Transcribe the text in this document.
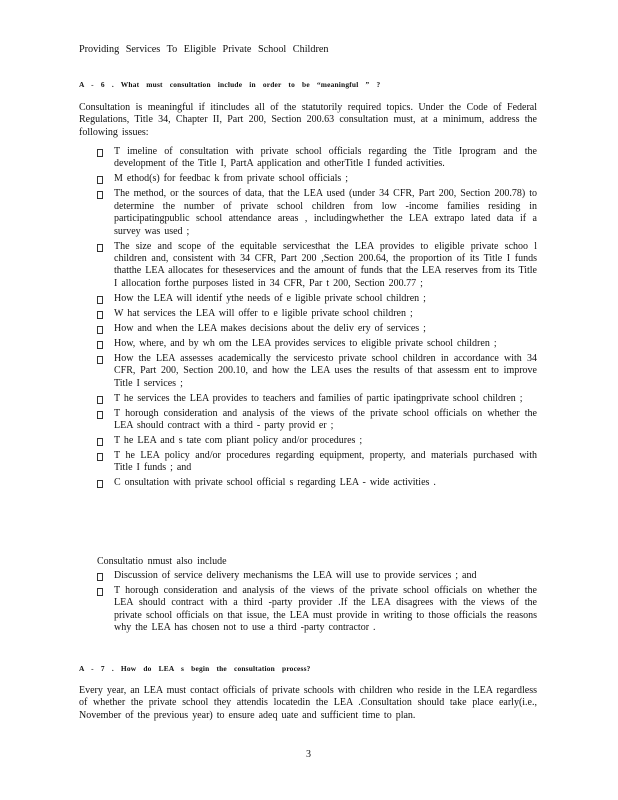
Providing Services To Eligible Private School Children
A - 6 . What must consultation include in order to be “meaningful ” ?
Consultation is meaningful if itincludes all of the statutorily required topics. Under the Code of Federal Regulations, Title 34, Chapter II, Part 200, Section 200.63 consultation must, at a minimum, address the following issues:
T imeline of consultation with private school officials regarding the Title Iprogram and the development of the Title I, PartA application and otherTitle I funded activities.
M ethod(s) for feedbac k from private school officials ;
The method, or the sources of data, that the LEA used (under 34 CFR, Part 200, Section 200.78) to determine the number of private school children from low -income families residing in participatingpublic school attendance areas , includingwhether the LEA extrapo lated data if a survey was used ;
The size and scope of the equitable servicesthat the LEA provides to eligible private schoo l children and, consistent with 34 CFR, Part 200 ,Section 200.64, the proportion of its Title I funds thatthe LEA allocates for theseservices and the amount of funds that the LEA reserves from its Title I allocation forthe purposes listed in 34 CFR, Par t 200, Section 200.77 ;
How the LEA will identif ythe needs of e ligible private school children ;
W hat services the LEA will offer to e ligible private school children ;
How and when the LEA makes decisions about the deliv ery of services ;
How, where, and by wh om the LEA provides services to eligible private school children ;
How the LEA assesses academically the servicesto private school children in accordance with 34 CFR, Part 200, Section 200.10, and how the LEA uses the results of that assessm ent to improve Title I services ;
T he services the LEA provides to teachers and families of partic ipatingprivate school children ;
T horough consideration and analysis of the views of the private school officials on whether the LEA should contract with a third - party provid er ;
T he LEA and s tate com pliant policy and/or procedures ;
T he LEA policy and/or procedures regarding equipment, property, and materials purchased with Title I funds ; and
C onsultation with private school official s regarding LEA - wide activities .
Consultatio nmust also include
Discussion of service delivery mechanisms the LEA will use to provide services ; and
T horough consideration and analysis of the views of the private school officials on whether the LEA should contract with a third -party provider .If the LEA disagrees with the views of the private school officials on that issue, the LEA must provide in writing to those officials the reasons why the LEA has chosen not to use a third -party contractor .
A - 7 . How do LEA s begin the consultation process?
Every year, an LEA must contact officials of private schools with children who reside in the LEA regardless of whether the private school they attendis locatedin the LEA .Consultation should take place early(i.e., November of the previous year) to ensure adeq uate and sufficient time to plan.
3
